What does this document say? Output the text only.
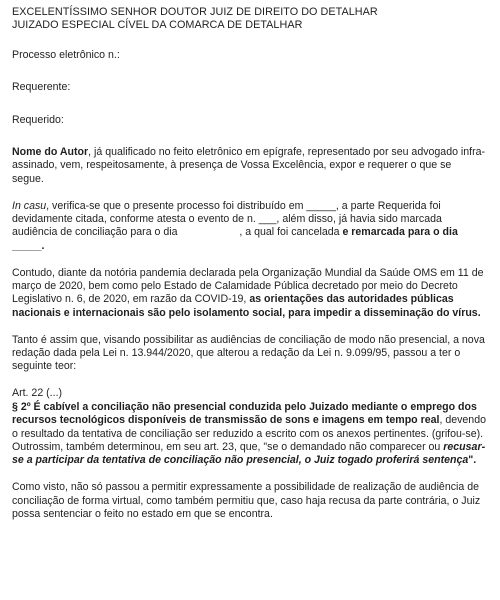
EXCELENTÍSSIMO SENHOR DOUTOR JUIZ DE DIREITO DO DETALHAR
JUIZADO ESPECIAL CÍVEL DA COMARCA DE DETALHAR
Processo eletrônico n.:
Requerente:
Requerido:

Nome do Autor, já qualificado no feito eletrônico em epígrafe, representado por seu advogado infra-assinado, vem, respeitosamente, à presença de Vossa Excelência, expor e requerer o que se segue.

In casu, verifica-se que o presente processo foi distribuído em _____, a parte Requerida foi devidamente citada, conforme atesta o evento de n. ___, além disso, já havia sido marcada audiência de conciliação para o dia __________, a qual foi cancelada e remarcada para o dia _____.

Contudo, diante da notória pandemia declarada pela Organização Mundial da Saúde OMS em 11 de março de 2020, bem como pelo Estado de Calamidade Pública decretado por meio do Decreto Legislativo n. 6, de 2020, em razão da COVID-19, as orientações das autoridades públicas nacionais e internacionais são pelo isolamento social, para impedir a disseminação do vírus.

Tanto é assim que, visando possibilitar as audiências de conciliação de modo não presencial, a nova redação dada pela Lei n. 13.944/2020, que alterou a redação da Lei n. 9.099/95, passou a ter o seguinte teor:

Art. 22 (...)
§ 2º É cabível a conciliação não presencial conduzida pelo Juizado mediante o emprego dos recursos tecnológicos disponíveis de transmissão de sons e imagens em tempo real, devendo o resultado da tentativa de conciliação ser reduzido a escrito com os anexos pertinentes. (grifou-se).
Outrossim, também determinou, em seu art. 23, que, "se o demandado não comparecer ou recusar-se a participar da tentativa de conciliação não presencial, o Juiz togado proferirá sentença".

Como visto, não só passou a permitir expressamente a possibilidade de realização de audiência de conciliação de forma virtual, como também permitiu que, caso haja recusa da parte contrária, o Juiz possa sentenciar o feito no estado em que se encontra.
